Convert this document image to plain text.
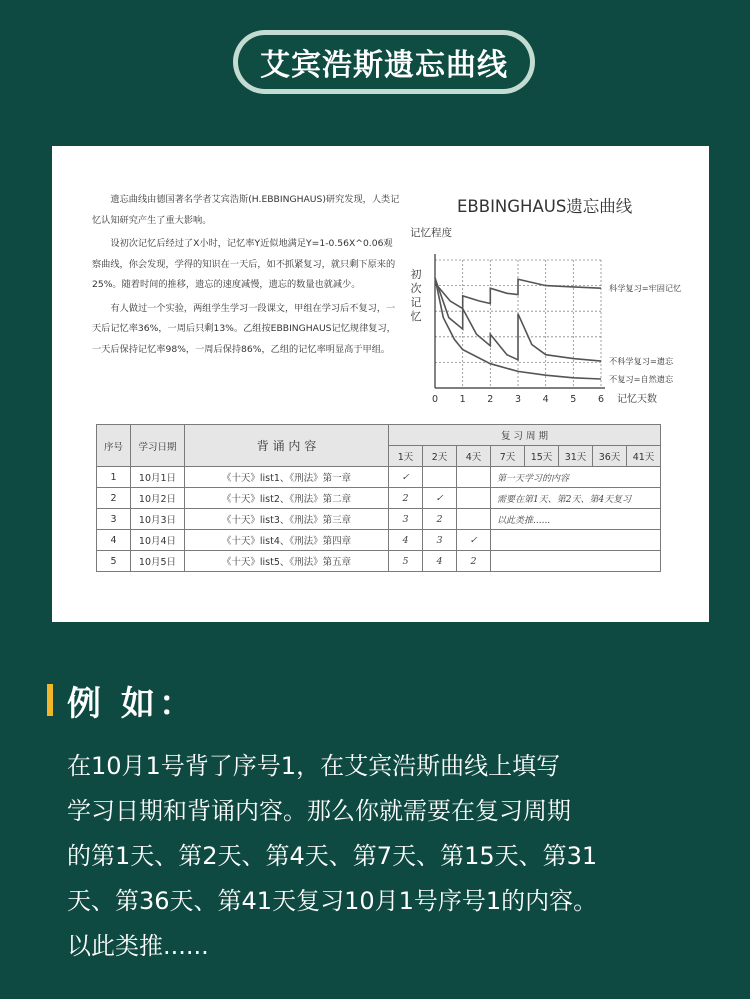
艾宾浩斯遗忘曲线

遗忘曲线由德国著名学者艾宾浩斯(H.EBBINGHAUS)研究发现，人类记忆认知研究产生了重大影响。

设初次记忆后经过了X小时，记忆率Y近似地满足Y=1-0.56X^0.06观察曲线，你会发现，学得的知识在一天后，如不抓紧复习，就只剩下原来的25%。随着时间的推移，遗忘的速度减慢，遗忘的数量也就减少。

有人做过一个实验，两组学生学习一段课文，甲组在学习后不复习，一天后记忆率36%，一周后只剩13%。乙组按EBBINGHAUS记忆规律复习，一天后保持记忆率98%，一周后保持86%，乙组的记忆率明显高于甲组。

EBBINGHAUS遗忘曲线
科学复习=牢固记忆
不科学复习=遗忘
不复习=自然遗忘
0 1 2 3 4 5 6 记忆天数
记忆程度
初
次
记
忆
序号	学习日期	背 诵 内 容	复 习 周 期							
			1天	2天	4天	7天	15天	31天	36天	41天
1	10月1日	《十天》list1、《刑法》第一章	✓			第一天学习的内容				
2	10月2日	《十天》list2、《刑法》第二章	2	✓		需要在第1天、第2天、第4天复习				
3	10月3日	《十天》list3、《刑法》第三章	3	2		以此类推......				
4	10月4日	《十天》list4、《刑法》第四章	4	3	✓					
5	10月5日	《十天》list5、《刑法》第五章	5	4	2					
例 如：
在10月1号背了序号1，在艾宾浩斯曲线上填写
学习日期和背诵内容。那么你就需要在复习周期
的第1天、第2天、第4天、第7天、第15天、第31
天、第36天、第41天复习10月1号序号1的内容。
以此类推......
